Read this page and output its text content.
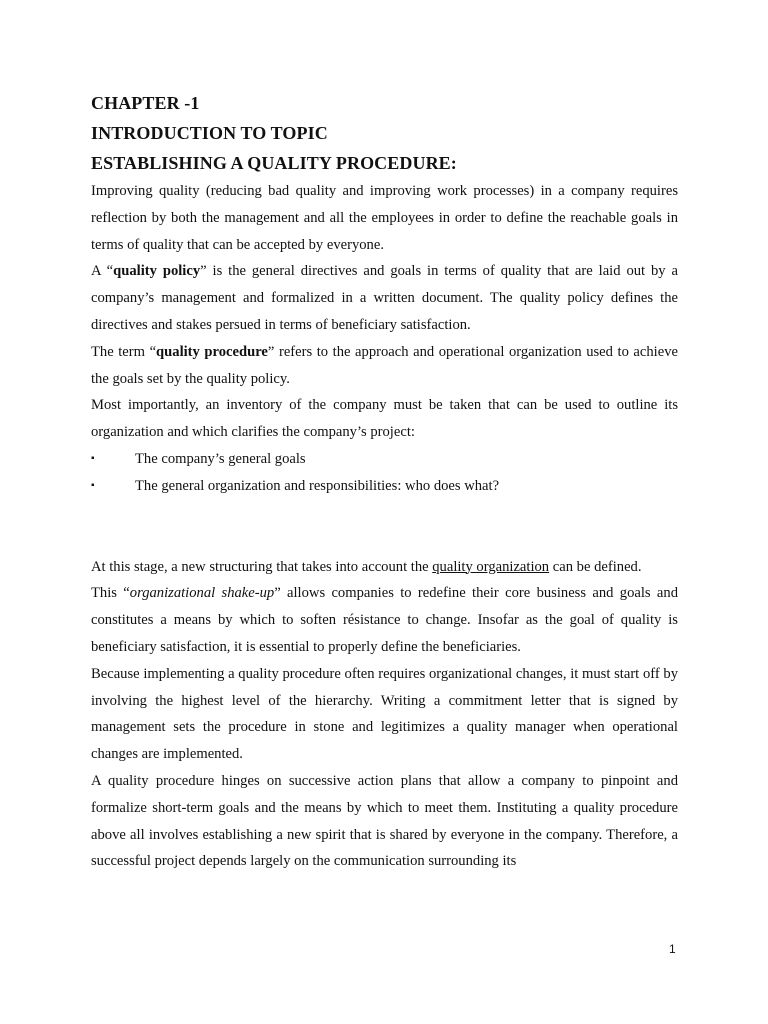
CHAPTER -1
INTRODUCTION TO TOPIC
ESTABLISHING A QUALITY PROCEDURE:

Improving quality (reducing bad quality and improving work processes) in a company requires reflection by both the management and all the employees in order to define the reachable goals in terms of quality that can be accepted by everyone.

A “quality policy” is the general directives and goals in terms of quality that are laid out by a company’s management and formalized in a written document. The quality policy defines the directives and stakes persued in terms of beneficiary satisfaction.

The term “quality procedure” refers to the approach and operational organization used to achieve the goals set by the quality policy.

Most importantly, an inventory of the company must be taken that can be used to outline its organization and which clarifies the company’s project:

▪	The company’s general goals
▪	The general organization and responsibilities: who does what?

At this stage, a new structuring that takes into account the quality organization can be defined.

This “organizational shake-up” allows companies to redefine their core business and goals and constitutes a means by which to soften résistance to change. Insofar as the goal of quality is beneficiary satisfaction, it is essential to properly define the beneficiaries.

Because implementing a quality procedure often requires organizational changes, it must start off by involving the highest level of the hierarchy. Writing a commitment letter that is signed by management sets the procedure in stone and legitimizes a quality manager when operational changes are implemented.

A quality procedure hinges on successive action plans that allow a company to pinpoint and formalize short-term goals and the means by which to meet them. Instituting a quality procedure above all involves establishing a new spirit that is shared by everyone in the company. Therefore, a successful project depends largely on the communication surrounding its

1
